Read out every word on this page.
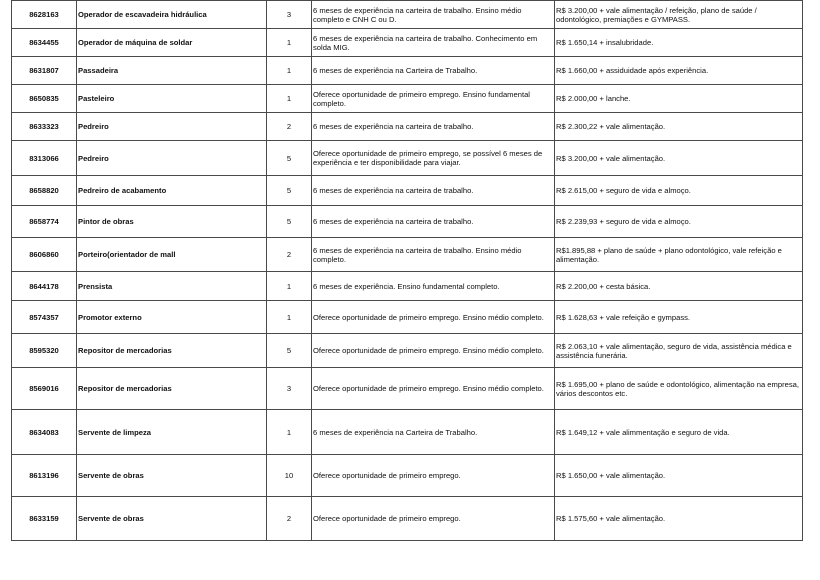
8628163	Operador de escavadeira hidráulica	3	6 meses de experiência na carteira de trabalho. Ensino médio completo e CNH C ou D.	R$ 3.200,00 + vale alimentação / refeição, plano de saúde / odontológico, premiações e GYMPASS.
8634455	Operador de máquina de soldar	1	6 meses de experiência na carteira de trabalho. Conhecimento em solda MIG.	R$ 1.650,14 + insalubridade.
8631807	Passadeira	1	6 meses de experiência na Carteira de Trabalho.	R$ 1.660,00 + assiduidade após experiência.
8650835	Pasteleiro	1	Oferece oportunidade de primeiro emprego. Ensino fundamental completo.	R$ 2.000,00 + lanche.
8633323	Pedreiro	2	6 meses de experiência na carteira de trabalho.	R$ 2.300,22 + vale alimentação.
8313066	Pedreiro	5	Oferece oportunidade de primeiro emprego, se possível 6 meses de experiência e ter disponibilidade para viajar.	R$ 3.200,00 + vale alimentação.
8658820	Pedreiro de acabamento	5	6 meses de experiência na carteira de trabalho.	R$ 2.615,00 + seguro de vida e almoço.
8658774	Pintor de obras	5	6 meses de experiência na carteira de trabalho.	R$ 2.239,93 + seguro de vida e almoço.
8606860	Porteiro(orientador de mall	2	6 meses de experiência na carteira de trabalho. Ensino médio completo.	R$1.895,88 + plano de saúde + plano odontológico, vale refeição e alimentação.
8644178	Prensista	1	6 meses de experiência. Ensino fundamental completo.	R$ 2.200,00 + cesta básica.
8574357	Promotor externo	1	Oferece oportunidade de primeiro emprego. Ensino médio completo.	R$ 1.628,63 + vale refeição e gympass.
8595320	Repositor de mercadorias	5	Oferece oportunidade de primeiro emprego. Ensino médio completo.	R$ 2.063,10 + vale alimentação, seguro de vida, assistência médica e assistência funerária.
8569016	Repositor de mercadorias	3	Oferece oportunidade de primeiro emprego. Ensino médio completo.	R$ 1.695,00 + plano de saúde e odontológico, alimentação na empresa, vários descontos etc.
8634083	Servente de limpeza	1	6 meses de experiência na Carteira de Trabalho.	R$ 1.649,12 + vale alimmentação e seguro de vida.
8613196	Servente de obras	10	Oferece oportunidade de primeiro emprego.	R$ 1.650,00 + vale alimentação.
8633159	Servente de obras	2	Oferece oportunidade de primeiro emprego.	R$ 1.575,60 + vale alimentação.
